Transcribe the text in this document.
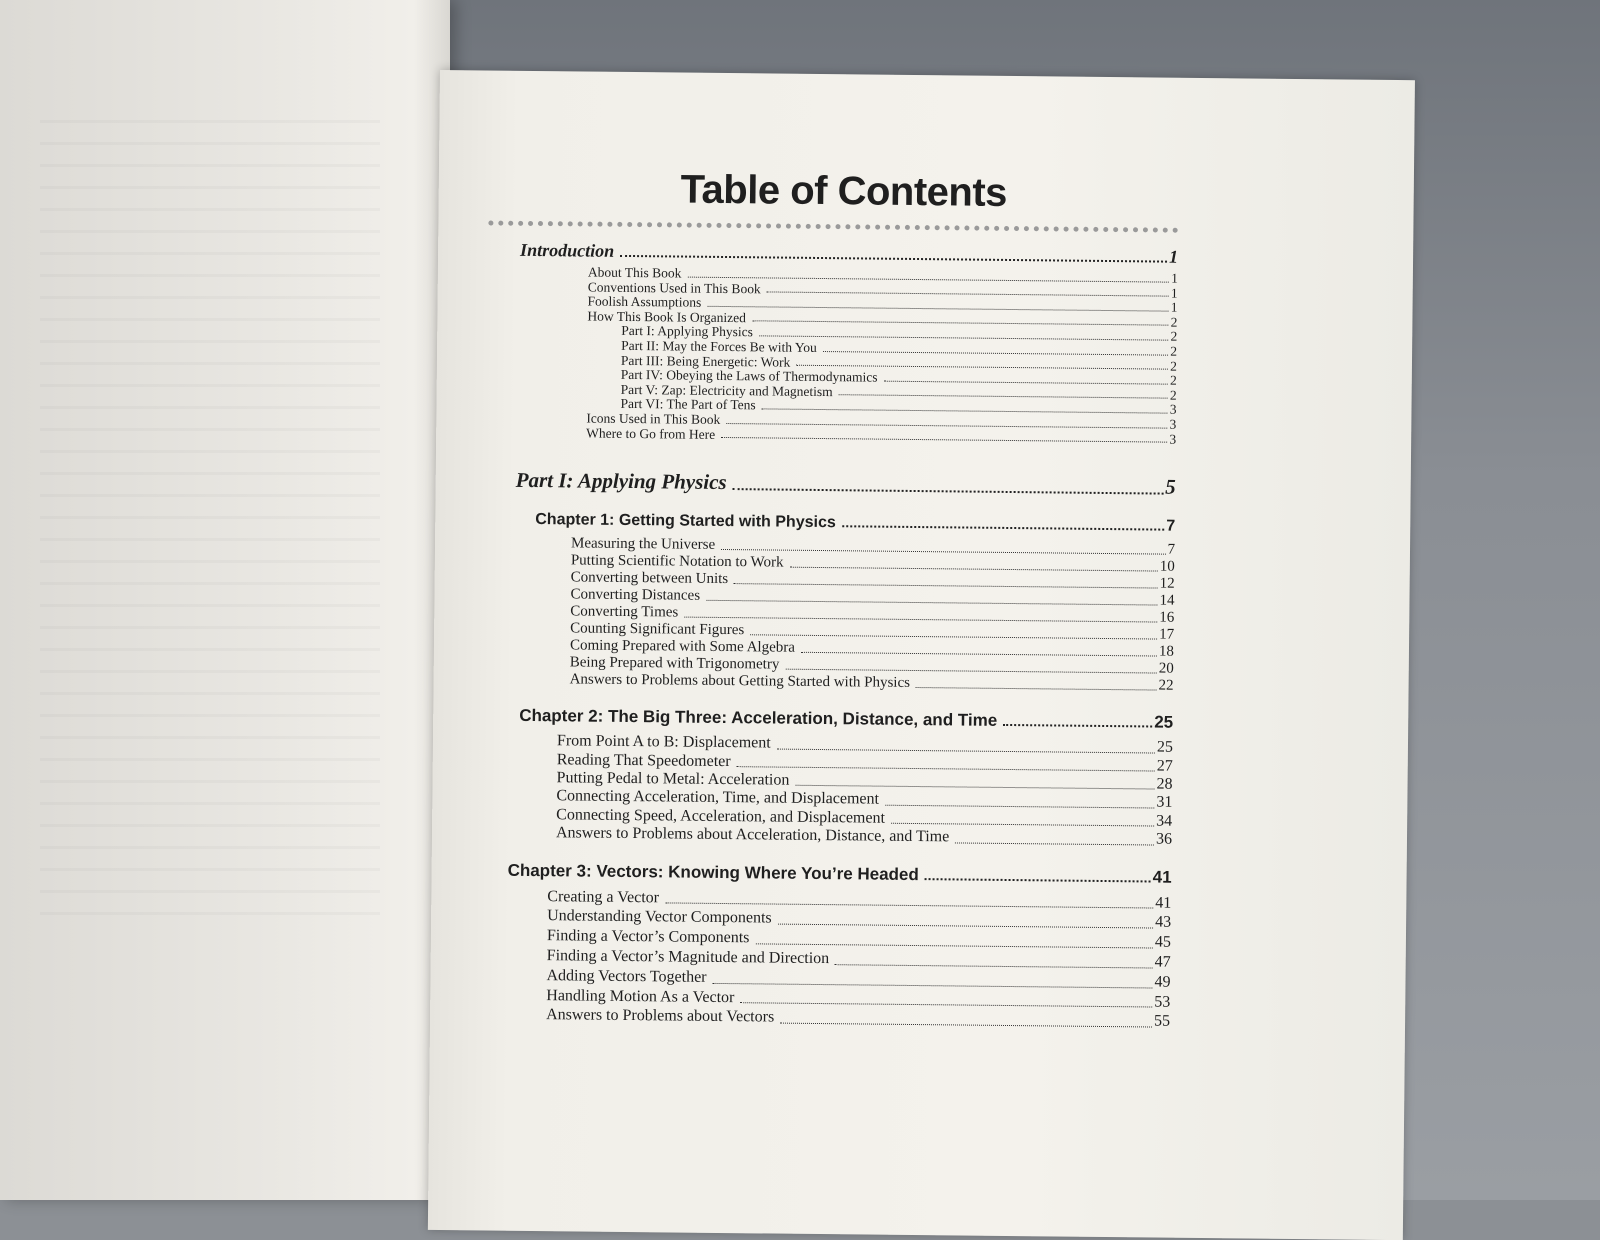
Table of Contents
Introduction	1
About This Book	1
Conventions Used in This Book	1
Foolish Assumptions	1
How This Book Is Organized	2
Part I: Applying Physics	2
Part II: May the Forces Be with You	2
Part III: Being Energetic: Work	2
Part IV: Obeying the Laws of Thermodynamics	2
Part V: Zap: Electricity and Magnetism	2
Part VI: The Part of Tens	3
Icons Used in This Book	3
Where to Go from Here	3
Part I: Applying Physics	5
Chapter 1: Getting Started with Physics	7
Measuring the Universe	7
Putting Scientific Notation to Work	10
Converting between Units	12
Converting Distances	14
Converting Times	16
Counting Significant Figures	17
Coming Prepared with Some Algebra	18
Being Prepared with Trigonometry	20
Answers to Problems about Getting Started with Physics	22
Chapter 2: The Big Three: Acceleration, Distance, and Time	25
From Point A to B: Displacement	25
Reading That Speedometer	27
Putting Pedal to Metal: Acceleration	28
Connecting Acceleration, Time, and Displacement	31
Connecting Speed, Acceleration, and Displacement	34
Answers to Problems about Acceleration, Distance, and Time	36
Chapter 3: Vectors: Knowing Where You’re Headed	41
Creating a Vector	41
Understanding Vector Components	43
Finding a Vector’s Components	45
Finding a Vector’s Magnitude and Direction	47
Adding Vectors Together	49
Handling Motion As a Vector	53
Answers to Problems about Vectors	55
